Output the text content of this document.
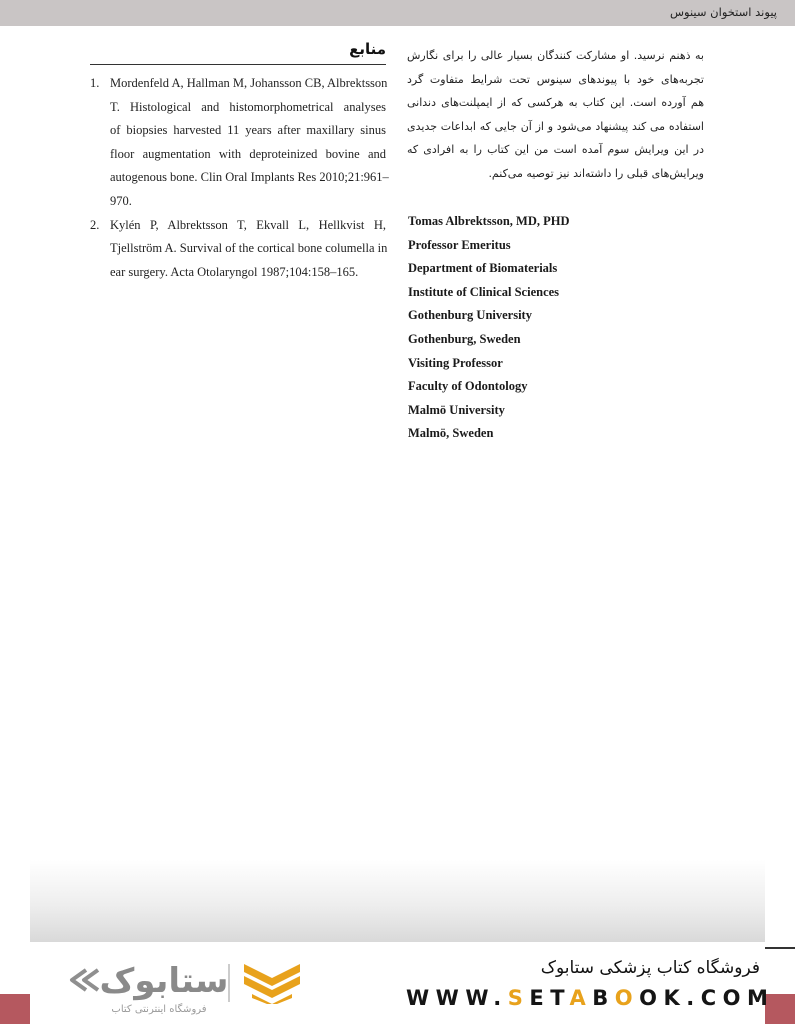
پیوند استخوان سینوس
منابع
1. Mordenfeld A, Hallman M, Johansson CB, Albrektsson
T. Histological and histomorphometrical analyses
of biopsies harvested 11 years after maxillary sinus
floor augmentation with deproteinized bovine and
autogenous bone. Clin Oral Implants Res 2010;21:961–
970.
2. Kylén P, Albrektsson T, Ekvall L, Hellkvist H,
Tjellström A. Survival of the cortical bone columella in
ear surgery. Acta Otolaryngol 1987;104:158–165.
به ذهنم نرسید. او مشارکت کنندگان بسیار عالی را برای نگارش
تجربه‌های خود با پیوندهای سینوس تحت شرایط متفاوت گرد
هم آورده است. این کتاب به هرکسی که از ایمپلنت‌های دندانی
استفاده می کند پیشنهاد می‌شود و از آن جایی که ابداعات جدیدی
در این ویرایش سوم آمده است من این کتاب را به افرادی که
ویرایش‌های قبلی را داشته‌اند نیز توصیه می‌کنم.
Tomas Albrektsson, MD, PHD
Professor Emeritus
Department of Biomaterials
Institute of Clinical Sciences
Gothenburg University
Gothenburg, Sweden
Visiting Professor
Faculty of Odontology
Malmö University
Malmö, Sweden
ستابوک
فروشگاه اینترنتی کتاب
فروشگاه کتاب پزشکی ستابوک
WWW.SETABOOK.COM
